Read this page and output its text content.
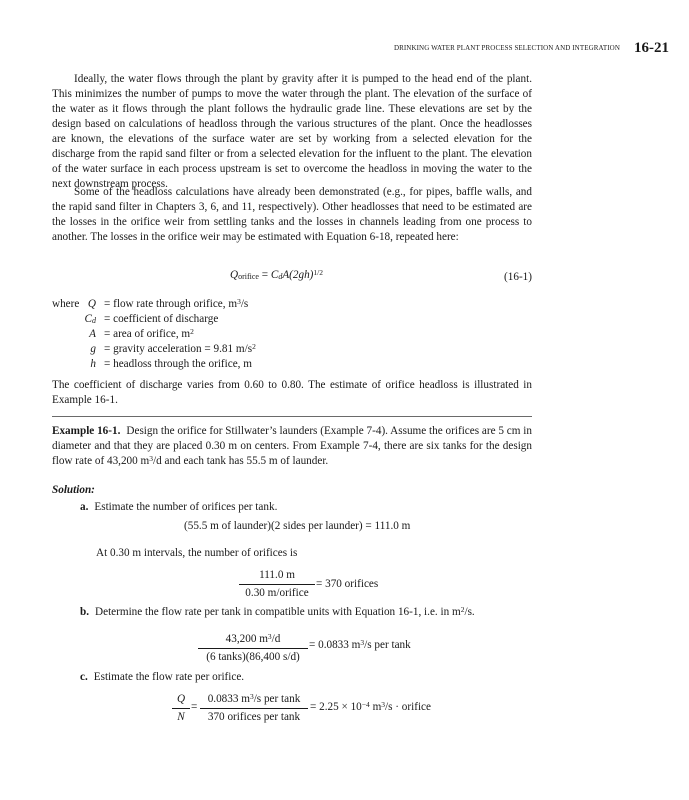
DRINKING WATER PLANT PROCESS SELECTION AND INTEGRATION 16-21

Ideally, the water flows through the plant by gravity after it is pumped to the head end of the plant. This minimizes the number of pumps to move the water through the plant. The elevation of the surface of the water as it flows through the plant follows the hydraulic grade line. These elevations are set by the design based on calculations of headloss through the various structures of the plant. Once the headlosses are known, the elevations of the surface water are set by working from a selected elevation for the discharge from the rapid sand filter or from a selected elevation for the influent to the plant. The elevation of the water surface in each process upstream is set to overcome the headloss in moving the water to the next downstream process.

Some of the headloss calculations have already been demonstrated (e.g., for pipes, baffle walls, and the rapid sand filter in Chapters 3, 6, and 11, respectively). Other headlosses that need to be estimated are the losses in the orifice weir from settling tanks and the losses in channels leading from one process to another. The losses in the orifice weir may be estimated with Equation 6-18, repeated here:

$Q_{orifice} = C_dA(2gh)^{1/2}$	(16-1)
where Q = flow rate through orifice, $m^3/s$
$C_d$ = coefficient of discharge
A = area of orifice, $m^2$
g = gravity acceleration = 9.81 $m/s^2$
h = headloss through the orifice, m

The coefficient of discharge varies from 0.60 to 0.80. The estimate of orifice headloss is illustrated in Example 16-1.

Example 16-1. Design the orifice for Stillwater’s launders (Example 7-4). Assume the orifices are 5 cm in diameter and that they are placed 0.30 m on centers. From Example 7-4, there are six tanks for the design flow rate of 43,200 $m^3/d$ and each tank has 55.5 m of launder.

Solution:
a. Estimate the number of orifices per tank.
(55.5 m of launder)(2 sides per launder) = 111.0 m
At 0.30 m intervals, the number of orifices is
111.0 m
0.30 m/orifice
= 370 orifices
b. Determine the flow rate per tank in compatible units with Equation 16-1, i.e. in $m^2/s$.
$\frac{43,200 m^3/d}{\text{(6 tanks)(86,400 s/d)}} = 0.0833$ $m^3/s$ per tank
c. Estimate the flow rate per orifice.
$\frac{Q}{N}$ =
0.0833 $m^3/s$ per tank
370 orifices per tank
= $2.25 \times 10^{-4}$ $m^3/s$ · orifice
